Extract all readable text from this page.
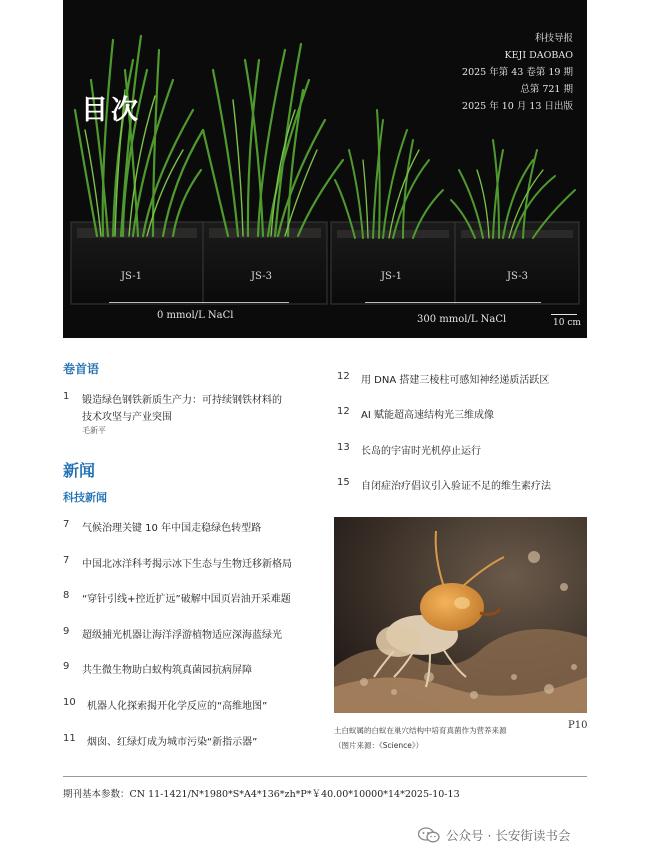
目次
科技导报
KEJI DAOBAO
2025 年第 43 卷第 19 期
总第 721 期
2025 年 10 月 13 日出版
JS-1	JS-3	JS-1	JS-3
0 mmol/L NaCl	300 mmol/L NaCl	10 cm
卷首语
1 锻造绿色钢铁新质生产力：可持续钢铁材料的
技术攻坚与产业突围
毛新平
新闻
科技新闻
7 气候治理关键 10 年中国走稳绿色转型路
7 中国北冰洋科考揭示冰下生态与生物迁移新格局
8 “穿针引线+控近扩远”破解中国页岩油开采难题
9 超级捕光机器让海洋浮游植物适应深海蓝绿光
9 共生微生物助白蚁构筑真菌园抗病屏障
10 机器人化探索揭开化学反应的“高维地图”
11 烟囱、红绿灯成为城市污染“新指示器”
12 用 DNA 搭建三棱柱可感知神经递质活跃区
12 AI 赋能超高速结构光三维成像
13 长岛的宇宙时光机停止运行
15 自闭症治疗倡议引入验证不足的维生素疗法
土白蚁属的白蚁在巢穴结构中培育真菌作为营养来源
（图片来源：《Science》）
P10
期刊基本参数：CN 11-1421/N*1980*S*A4*136*zh*P*￥40.00*10000*14*2025-10-13
公众号 · 长安街读书会
